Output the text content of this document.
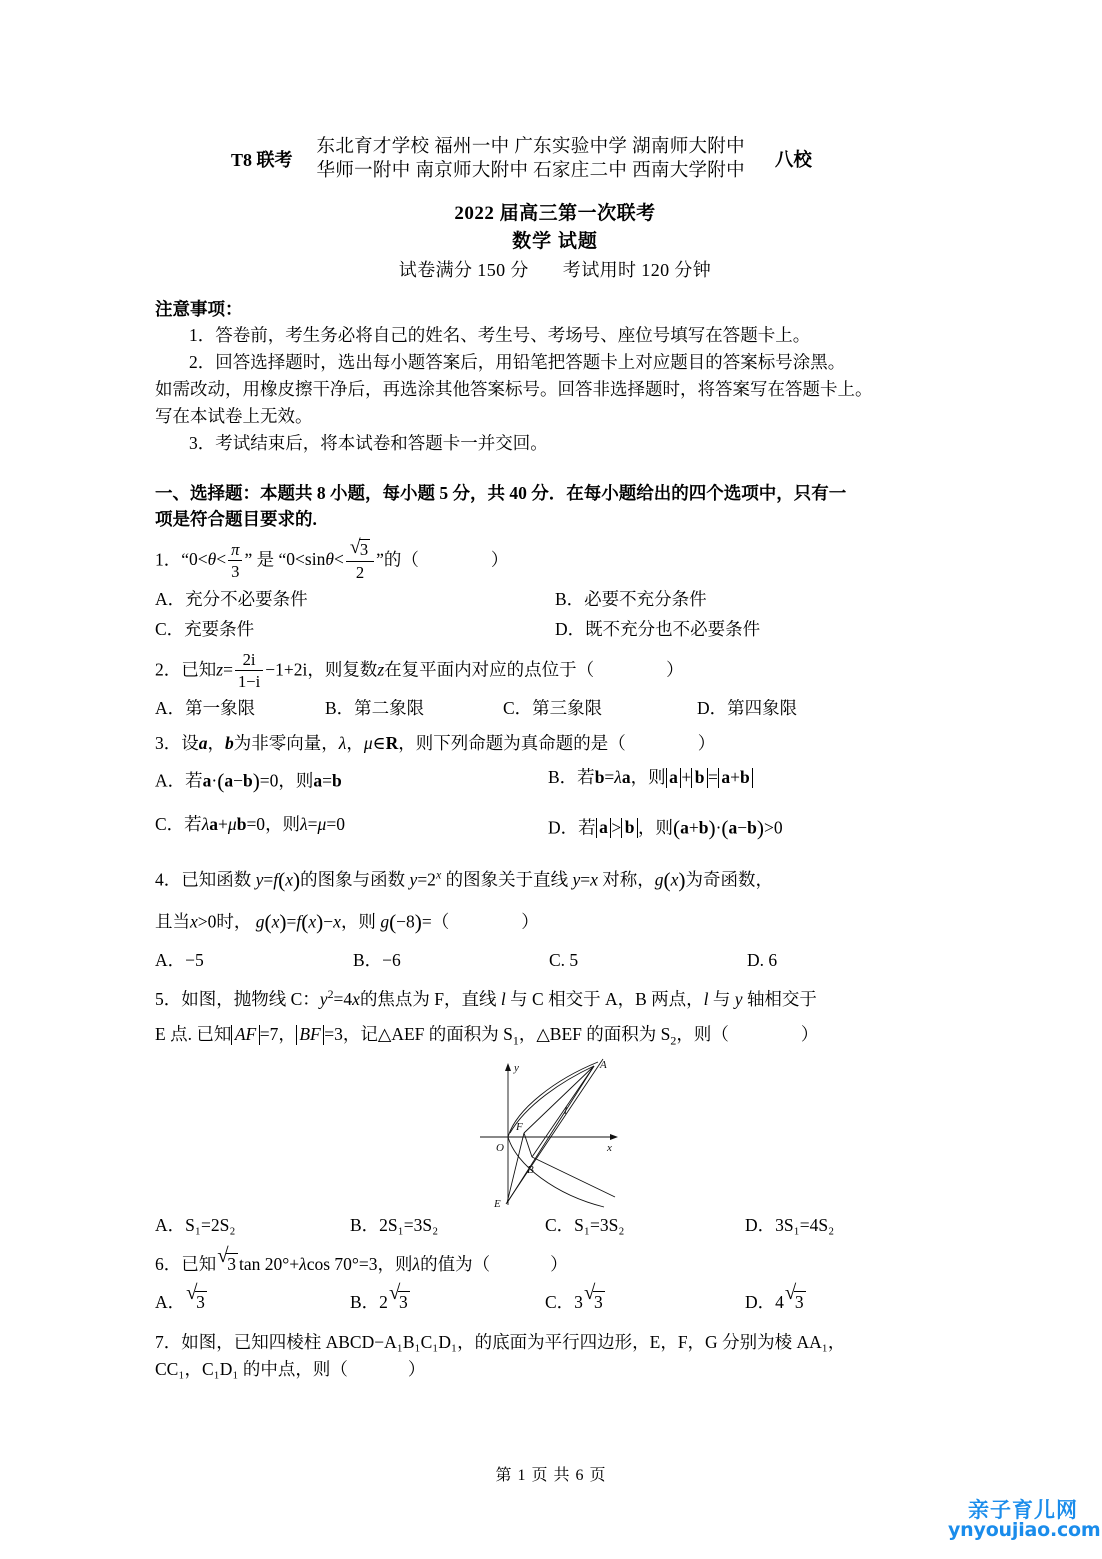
T8 联考
东北育才学校 福州一中 广东实验中学 湖南师大附中
华师一附中 南京师大附中 石家庄二中 西南大学附中 八校
2022 届高三第一次联考
数学 试题
试卷满分 150 分 考试用时 120 分钟
注意事项：
1．答卷前，考生务必将自己的姓名、考生号、考场号、座位号填写在答题卡上。
2．回答选择题时，选出每小题答案后，用铅笔把答题卡上对应题目的答案标号涂黑。
如需改动，用橡皮擦干净后，再选涂其他答案标号。回答非选择题时，将答案写在答题卡上。
写在本试卷上无效。
3．考试结束后，将本试卷和答题卡一并交回。
一、选择题：本题共 8 小题，每小题 5 分，共 40 分．在每小题给出的四个选项中，只有一
项是符合题目要求的.
1．“$0<\theta< \frac{\pi}{3}$ ” 是 “$0<\sin\theta< \frac{√ 3}{2}$ ”的（	）
A．充分不必要条件	B．必要不充分条件
C．充要条件	D．既不充分也不必要条件
2．已知$z= \frac{2i}{1-i} -1+2i$，则复数z在复平面内对应的点位于（	）
A．第一象限	B．第二象限	C．第三象限	D．第四象限
3．设a，b为非零向量，λ，μ∈R，则下列命题为真命题的是（	）
A．若a·(a−b)=0，则a=b	B．若b=λa，则 a + b = a+b
C．若λa+μb=0，则λ=μ=0	D．若 a > b ，则(a+b)·(a−b)>0
4．已知函数 y=f(x)的图象与函数 $y=2^x$ 的图象关于直线 y=x 对称，g(x)为奇函数，
且当x>0时， g(x)=f(x)−x，则 g(−8)=（	）
A．−5	B．−6	C. 5	D. 6
5．如图，抛物线 C：$y^2=4x$的焦点为 F，直线 l 与 C 相交于 A，B 两点，l 与 y 轴相交于
E 点. 已知 AF =7， BF =3，记△AEF 的面积为 $S_1$，△BEF 的面积为 $S_2$，则（	）
y
x
O
A
B
E
F
l
A．S₁=2S₂	B．2S₁=3S₂	C．S₁=3S₂	D．3S₁=4S₂
6．已知 √
3 tan 20°+λcos 70°=3，则λ的值为（	）
A． √
3	B．2 √
3	C．3 √
3	D．4 √
3
7．如图，已知四棱柱 ABCD−A₁B₁C₁D₁，的底面为平行四边形，E，F，G 分别为棱 AA₁，
CC₁，C₁D₁ 的中点，则（	）
第 1 页 共 6 页
亲子育儿网
ynyoujiao.com
